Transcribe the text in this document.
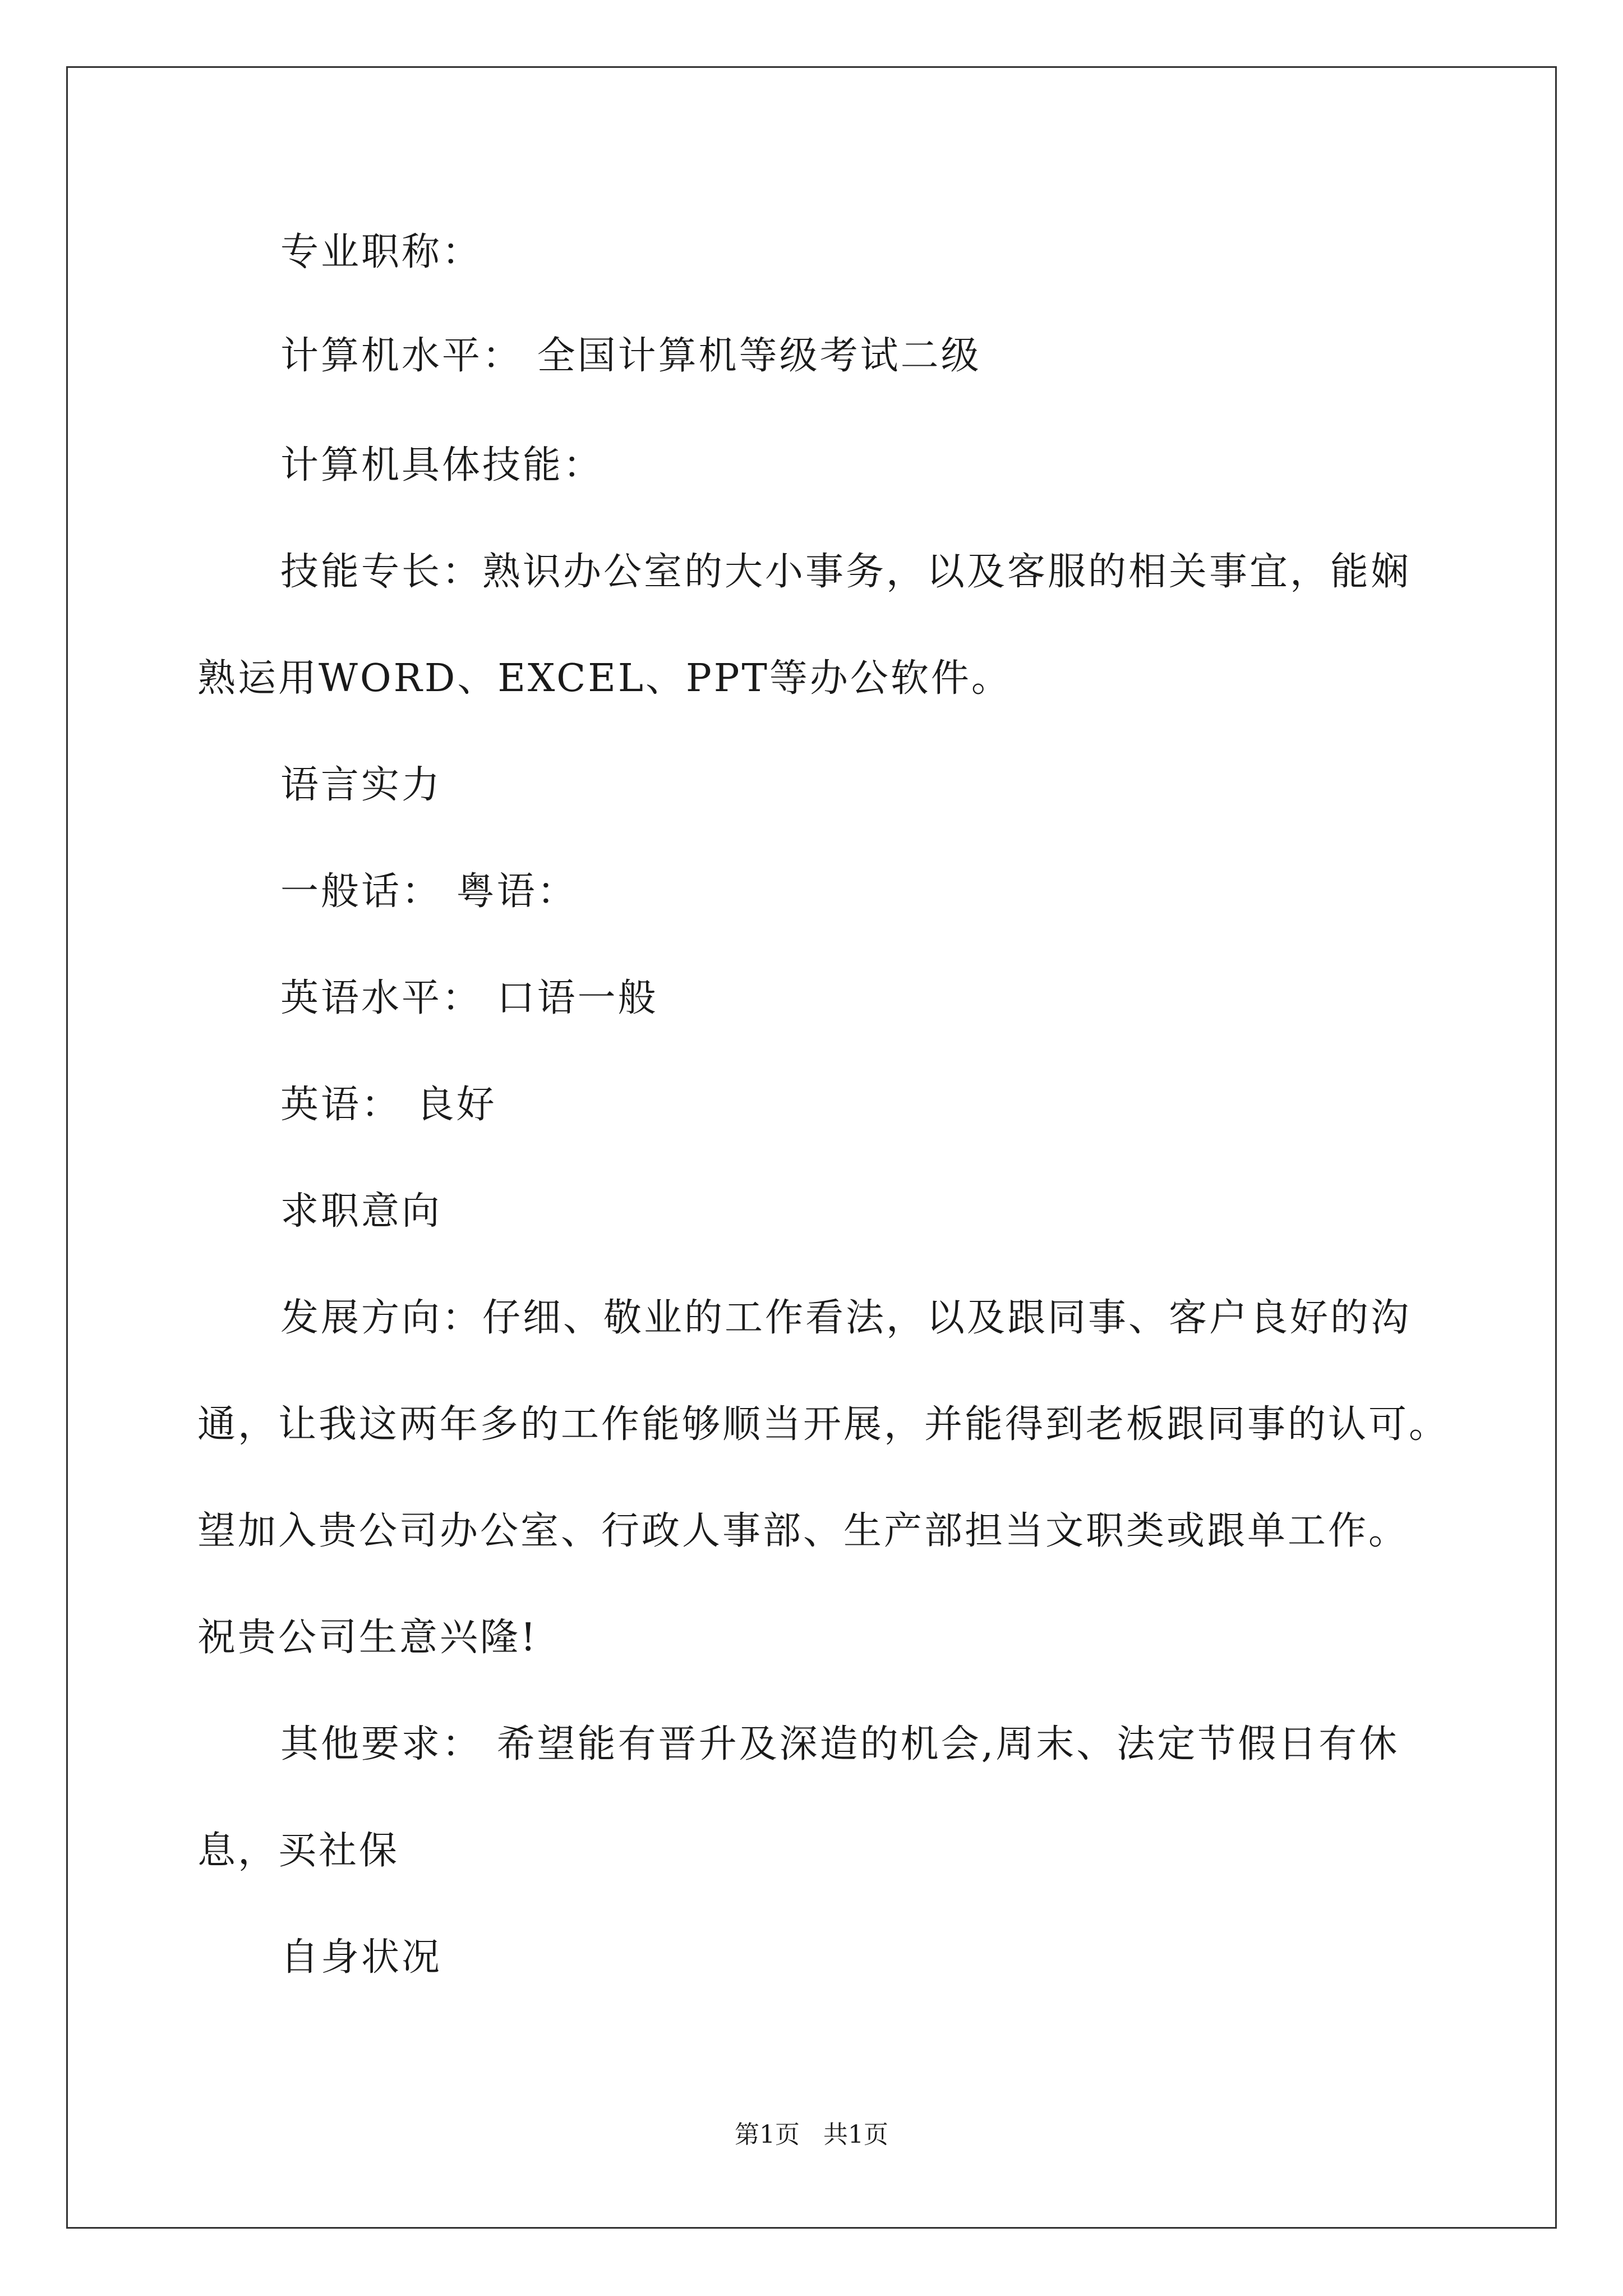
专业职称：
计算机水平： 全国计算机等级考试二级
计算机具体技能：
技能专长：熟识办公室的大小事务，以及客服的相关事宜，能娴
熟运用WORD、EXCEL、PPT等办公软件。
语言实力
一般话： 粤语：
英语水平： 口语一般
英语： 良好
求职意向
发展方向：仔细、敬业的工作看法，以及跟同事、客户良好的沟
通，让我这两年多的工作能够顺当开展，并能得到老板跟同事的认可。
望加入贵公司办公室、行政人事部、生产部担当文职类或跟单工作。
祝贵公司生意兴隆!
其他要求： 希望能有晋升及深造的机会,周末、法定节假日有休
息，买社保
自身状况
第1页 共1页
